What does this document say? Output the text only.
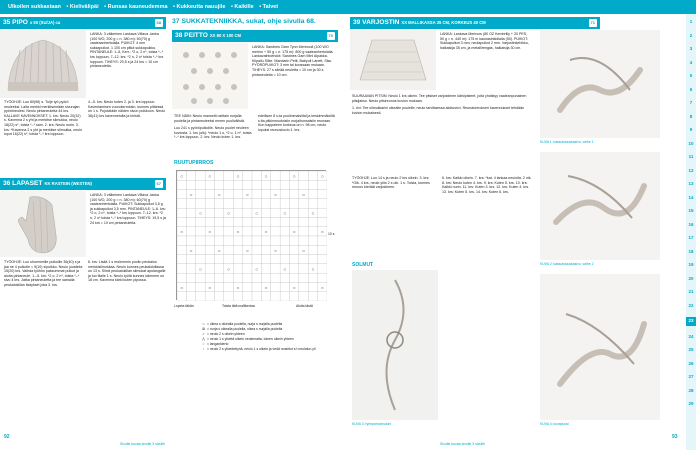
Ulkoilen sukkastaan • Kielivälipäi • Runsas kauneudemma • Kukkeutta nauujile • Kaikille • Talvet
1
2
3
4
5
6
7
8
9
10
11
12
13
14
15
16
17
18
19
20
21
22
23
24
25
26
27
28
29
35 PIPO x 50 (SU/JA) ca	68

LANKA: 3 väikeinen Lankava Villava -lanka (100 WO, 200 g = n. 380 m): 50(70) g vaaleaanhertolalla. PUIKOT: 4 mm sukkapuikot. 1 100 cm pitkä sukkapuikko. PINTANEULE: 1–5, Kerr.: *2 o, 2 n*, toista *–* krs loppuun. 7–12. krs: *2 n, 2 o* toista *–* krs loppuun. TIHEYS: 20,5 s ja 24 krs = 10 cm pintaneuletta.

TYÖOHJE: Luo 80(96) s. Tulje työ pyörö neuleeksi. Laita merkki merkitsemään sivurajan pyöröneulesi. Neulo pintaneuletta 44 krs. KALLAVE KAVENNOKSET: 1. krs: Neulo 20(32) s. Kavenna 2 s yht ja merkitse silmukka, neulo 18(22) s*, toista *–* sam. 2. krs: Neulo nurin. 3. krs: *Kavenna 2 s yht ja merkitse silmukka, neulo loput 16(22) s*, toista *–* krs loppuun.

4.–5. krs: Neulo kuten 2. ja 3. krs loppuun. Kaventamisen vuorokerroksin, kunnes pitäessä on 1 s. Pujotakkiin näiden sivun puikkoon. Neulo 36(41) krs kavennetulta ja kiristä.

36 LAPASET KK RASTEIN (WESTEN)	67

LANKA: 3 väikeinen Lankava Villava -lanka (100 WO, 200 g = n. 380 m): 60(70) g vaaleanhertolalla. PUIKOT: Sukkapuikot 3,5 g ja sukkapuikot 3,5 mm. PINTANEULE: 1–6. krs: *2 o, 2 n*, toista *–* krs loppuun. 7–12. krs: *2 n, 2 o* toista *–* krs loppuun. TIHEYS: 19,5 s ja 24 krs = 10 cm pintaneuletta.

TYÖOHJE: Luo ohuemmille puikoille 36(40) s ja jaa ne 4 puikolle = 9(10) s/puikko. Neulo joustinta 15(20) krs. Vaihda työhön paksummat puikot ja aloita pintaneule. 1.–5. krs: *2 o, 2 n*, toista *–* sivu 4 krs. Jatka pintaneuletta ja tee samalla peukalokiilan lisäykset joka 3. krs.

6. krs: Lisää 1 s molemmin puolin peukalon merkkisilmukkaa. Neulo kunnes peukalokiilassa on 13 s. Siirrä peukalokiilan silmukat apulangalle ja luo tilalle 1 s. Neulo työtä kunnes kämmen on 18 cm. Kavenna kärki kuten pipossa.

37 SUKKATEKNIIKKA, sukat, ohje sivulla 68.
38 PEITTO XX 80 X 100 CM	70

LANKA: Sandnes Garn Tynn Merinoull (100 WO merino + 50 g = n. 175 m): 800 g vaaleanhertolalla. Lankavaihtoehdot: Sandnes Garn Mini Alpakka. Kilpailu Silke. Mandarin Petit, Babyull Lanett, Sisu. PYÖRÖPUIKOT: 3 mm tai koossaan mukaan. TIHEYS: 27 s sileää neuletta = 10 cm ja 30 s pintaneuletta = 10 cm.

TEE NÄIN: Neulo mansetti osittain nurjalla puolella ja pintaneuleeksi ennen puolivälistä.

Luo 241 s pyöröpuikoille. Neulo puolet neuleen kuviosta. 1. krs (oik): *neulo 1 o, *2 o, 1 n*, toista *–* krs loppuun. 2. krs: Neulo kuten 1. krs.

edellisen 8 s:ta puolimmaisiltai ja keskimmäisiltä s:lta pitkinmuotoisiin nurjalhonsaisiin reunaan. Kun kappaleen korkeus on n. 98 cm, neulo lopuksi reunuskuvio 1. krs.

RUUTUPIIRROS
○	○	○	○	○	○
○	○	○	○	○
○	○	○	○	○
○	○	○	○	○	○
○	○	○	○	○
○	○	○	○	○
○	○	○	○	○	○
Lopeta tähän	Toista tätä mallikertaa	Aloita tästä
10 s
□ = oikea s oikealla puolella, nurja s nurjalla puolella
⊠ = nurja s oikealla puolella, oikea s nurjalla puolella
✓ = neulo 2 s oikein yhteen
⋀ = neulo 1 s ylivetä oikein neulematta, toinen oikein yhteen
○ = langankierto
⋆ = neulo 2 s ylivedettynä, neulo 1 s oikein ja vedä nostetut s:t neulotun yli
39 VARJOSTIN XX MALLIKASSA 35 CM, KORKEUS 40 CM	71

LANKA: Lankava Merinow (80 OZ Kembrilly + 20 PES, 50 g = n. 440 m): 175 m kaunasinkidialla (50). PUIKOT: Sukkapuikot 3 mm, neulapuikot 2 mm. Varjostinkehikko, halkaisija 35 cm, ja metallirengas, halkaisija 30 cm.

SUURAAVAN PITSIN: Neulo 1 krs oikein. Tee pitsiset varjostimen kärkipisteet, joita yhdistyy vaaleanpunainen pitsijakso. Neulo pitsireunus kuvion mukaan.

1. rivi: Tee silmukkarivi oikealle puolelle; neulo tarvittaessa aloitusrivi. Reunakerroksen kavennukset tehdään kuvion mukaisesti.

TYÖOHJE: Luo 14 s ja neulo 2 krs oikein. 3. krs: *Oik. 4 krs, neulo ylös 2 s oik. 1 s. Toista, kunnes reunus kiertää varjostimen.

6. krs: Kaikki oikein. 7. krs: *kat. 4 lankaa neulolta, 2 oik. 8. krs: Neulo kuten 4. krs. 9. krs: Kuten 5. krs. 10. krs: Kaikki nurin. 11. krs: Kuten 3. krs. 12. krs: Kuten 4. krs. 13. krs: Kuten 5. krs. 14. krs: Kuten 6. krs.

SOLMUT
KUVA 3: tyrinpomolmuloni
KUVA 1: kaksoisluuskasivu, vaihe 1
KUVA 2: kaksoisluuskasivu, vaihe 2
KUVA 4: kuvapuosi
92	93
Sivulle kuvaa sivulle 3 sivulle	Sivulle kuvaa sivulle 3 sivulle
